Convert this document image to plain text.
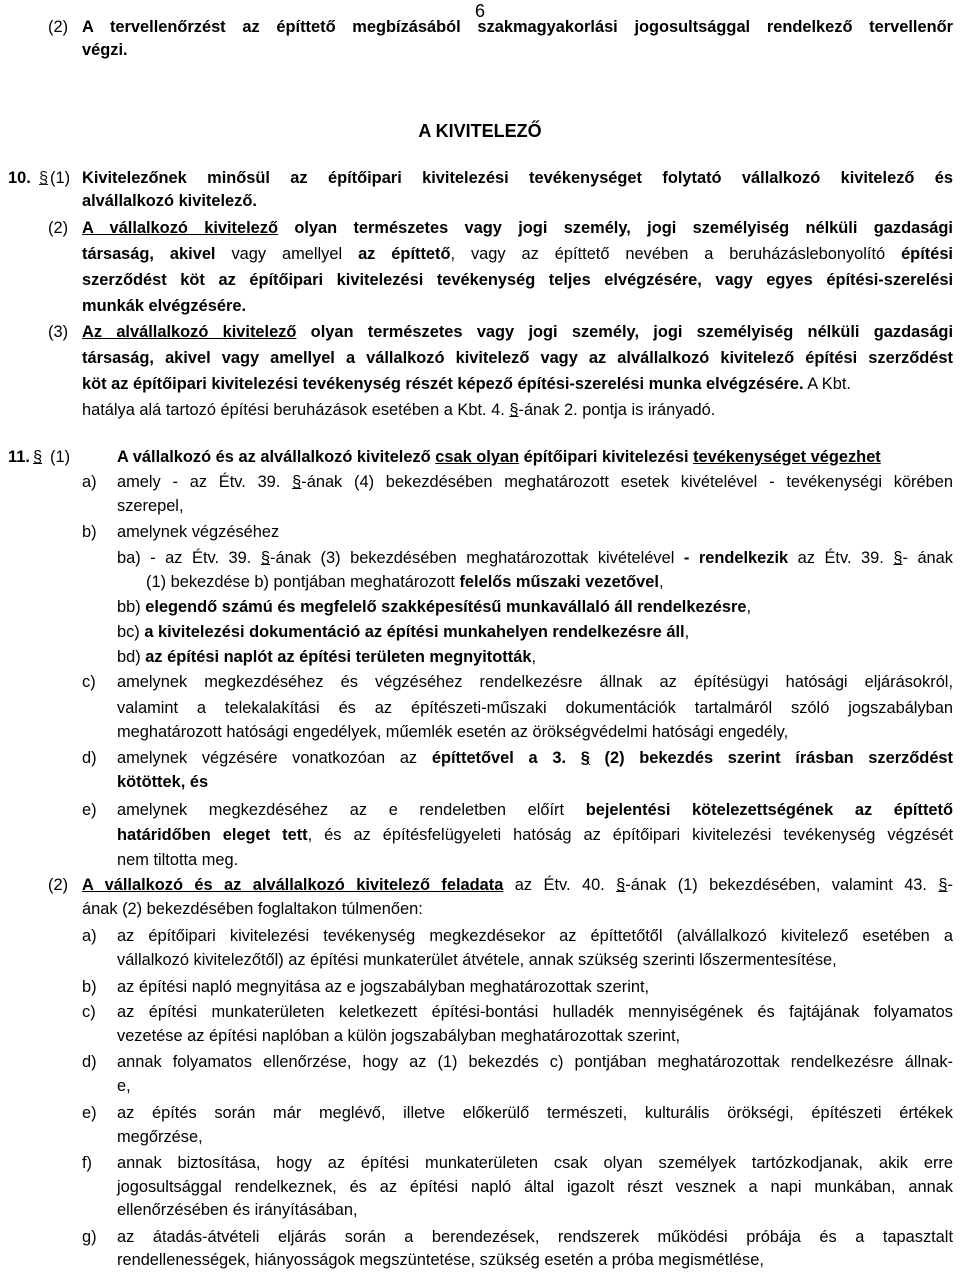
6
(2) A tervellenőrzést az építtető megbízásából szakmagyakorlási jogosultsággal rendelkező tervellenőr
végzi.
A KIVITELEZŐ
10. § (1) Kivitelezőnek minősül az építőipari kivitelezési tevékenységet folytató vállalkozó kivitelező és
alvállalkozó kivitelező.
(2) A vállalkozó kivitelező olyan természetes vagy jogi személy, jogi személyiség nélküli gazdasági
társaság, akivel vagy amellyel az építtető, vagy az építtető nevében a beruházáslebonyolító építési
szerződést köt az építőipari kivitelezési tevékenység teljes elvégzésére, vagy egyes építési-szerelési
munkák elvégzésére.
(3) Az alvállalkozó kivitelező olyan természetes vagy jogi személy, jogi személyiség nélküli gazdasági
társaság, akivel vagy amellyel a vállalkozó kivitelező vagy az alvállalkozó kivitelező építési szerződést
köt az építőipari kivitelezési tevékenység részét képező építési-szerelési munka elvégzésére. A Kbt.
hatálya alá tartozó építési beruházások esetében a Kbt. 4. §-ának 2. pontja is irányadó.
11. § (1)	A vállalkozó és az alvállalkozó kivitelező csak olyan építőipari kivitelezési tevékenységet végezhet
a) amely - az Étv. 39. §-ának (4) bekezdésében meghatározott esetek kivételével - tevékenységi körében
szerepel,
b) amelynek végzéséhez
ba) - az Étv. 39. §-ának (3) bekezdésében meghatározottak kivételével - rendelkezik az Étv. 39. §- ának
(1) bekezdése b) pontjában meghatározott felelős műszaki vezetővel,
bb) elegendő számú és megfelelő szakképesítésű munkavállaló áll rendelkezésre,
bc) a kivitelezési dokumentáció az építési munkahelyen rendelkezésre áll,
bd) az építési naplót az építési területen megnyitották,
c) amelynek megkezdéséhez és végzéséhez rendelkezésre állnak az építésügyi hatósági eljárásokról,
valamint a telekalakítási és az építészeti-műszaki dokumentációk tartalmáról szóló jogszabályban
meghatározott hatósági engedélyek, műemlék esetén az örökségvédelmi hatósági engedély,
d) amelynek végzésére vonatkozóan az építtetővel a 3. § (2) bekezdés szerint írásban szerződést
kötöttek, és
e) amelynek megkezdéséhez az e rendeletben előírt bejelentési kötelezettségének az építtető
határidőben eleget tett, és az építésfelügyeleti hatóság az építőipari kivitelezési tevékenység végzését
nem tiltotta meg.
(2) A vállalkozó és az alvállalkozó kivitelező feladata az Étv. 40. §-ának (1) bekezdésében, valamint 43. §-
ának (2) bekezdésében foglaltakon túlmenően:
a) az építőipari kivitelezési tevékenység megkezdésekor az építtetőtől (alvállalkozó kivitelező esetében a
vállalkozó kivitelezőtől) az építési munkaterület átvétele, annak szükség szerinti lőszermentesítése,
b) az építési napló megnyitása az e jogszabályban meghatározottak szerint,
c) az építési munkaterületen keletkezett építési-bontási hulladék mennyiségének és fajtájának folyamatos
vezetése az építési naplóban a külön jogszabályban meghatározottak szerint,
d) annak folyamatos ellenőrzése, hogy az (1) bekezdés c) pontjában meghatározottak rendelkezésre állnak-
e,
e) az építés során már meglévő, illetve előkerülő természeti, kulturális örökségi, építészeti értékek
megőrzése,
f) annak biztosítása, hogy az építési munkaterületen csak olyan személyek tartózkodjanak, akik erre
jogosultsággal rendelkeznek, és az építési napló által igazolt részt vesznek a napi munkában, annak
ellenőrzésében és irányításában,
g) az átadás-átvételi eljárás során a berendezések, rendszerek működési próbája és a tapasztalt
rendellenességek, hiányosságok megszüntetése, szükség esetén a próba megismétlése,
